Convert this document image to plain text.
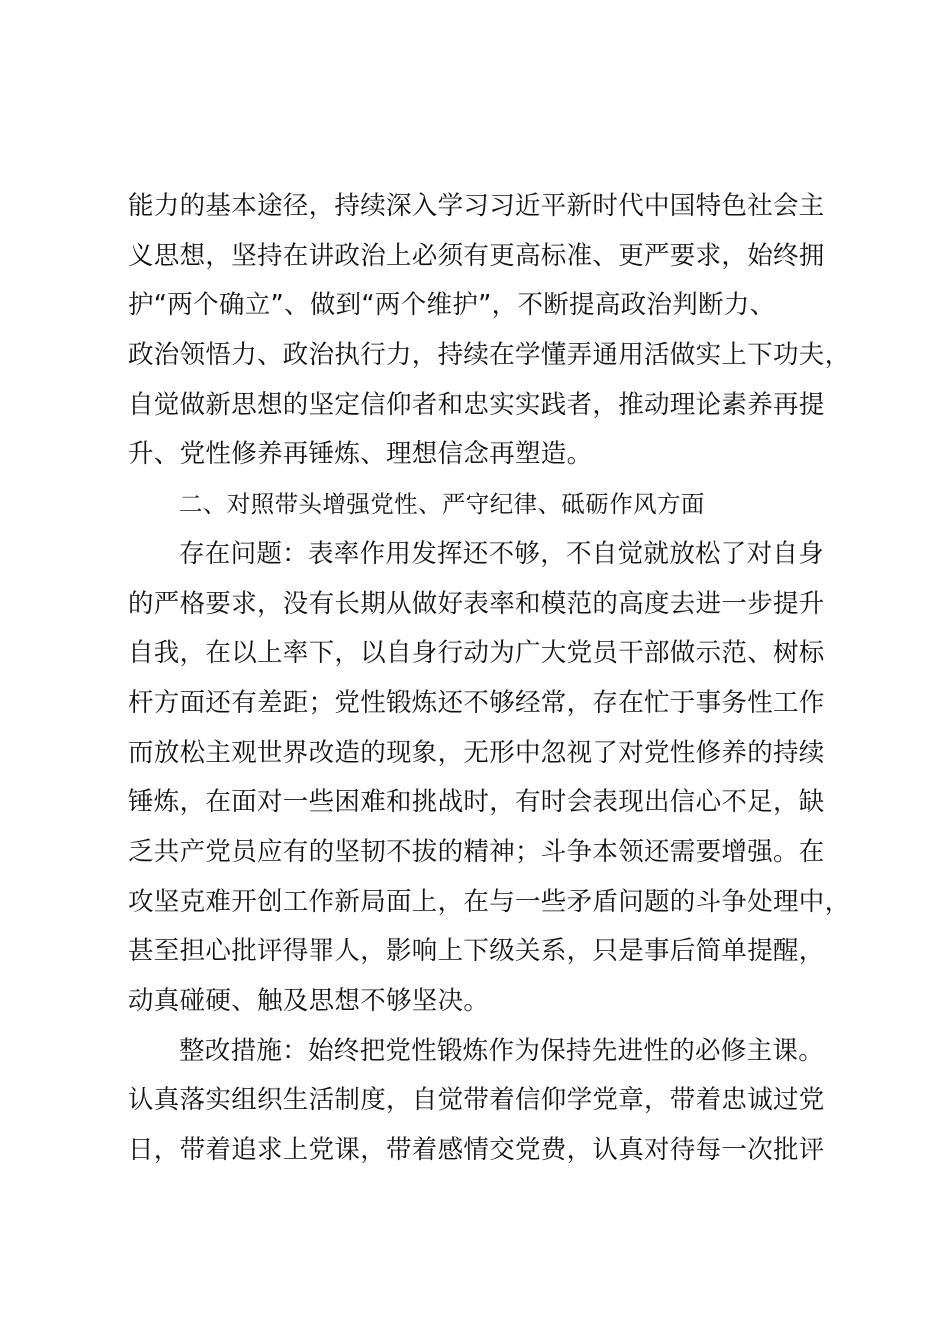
能力的基本途径，持续深入学习习近平新时代中国特色社会主
义思想，坚持在讲政治上必须有更高标准、更严要求，始终拥
护“两个确立”、做到“两个维护”，不断提高政治判断力、
政治领悟力、政治执行力，持续在学懂弄通用活做实上下功夫，
自觉做新思想的坚定信仰者和忠实实践者，推动理论素养再提
升、党性修养再锤炼、理想信念再塑造。
二、对照带头增强党性、严守纪律、砥砺作风方面
存在问题：表率作用发挥还不够，不自觉就放松了对自身
的严格要求，没有长期从做好表率和模范的高度去进一步提升
自我，在以上率下，以自身行动为广大党员干部做示范、树标
杆方面还有差距；党性锻炼还不够经常，存在忙于事务性工作
而放松主观世界改造的现象，无形中忽视了对党性修养的持续
锤炼，在面对一些困难和挑战时，有时会表现出信心不足，缺
乏共产党员应有的坚韧不拔的精神；斗争本领还需要增强。在
攻坚克难开创工作新局面上，在与一些矛盾问题的斗争处理中，
甚至担心批评得罪人，影响上下级关系，只是事后简单提醒，
动真碰硬、触及思想不够坚决。
整改措施：始终把党性锻炼作为保持先进性的必修主课。
认真落实组织生活制度，自觉带着信仰学党章，带着忠诚过党
日，带着追求上党课，带着感情交党费，认真对待每一次批评
